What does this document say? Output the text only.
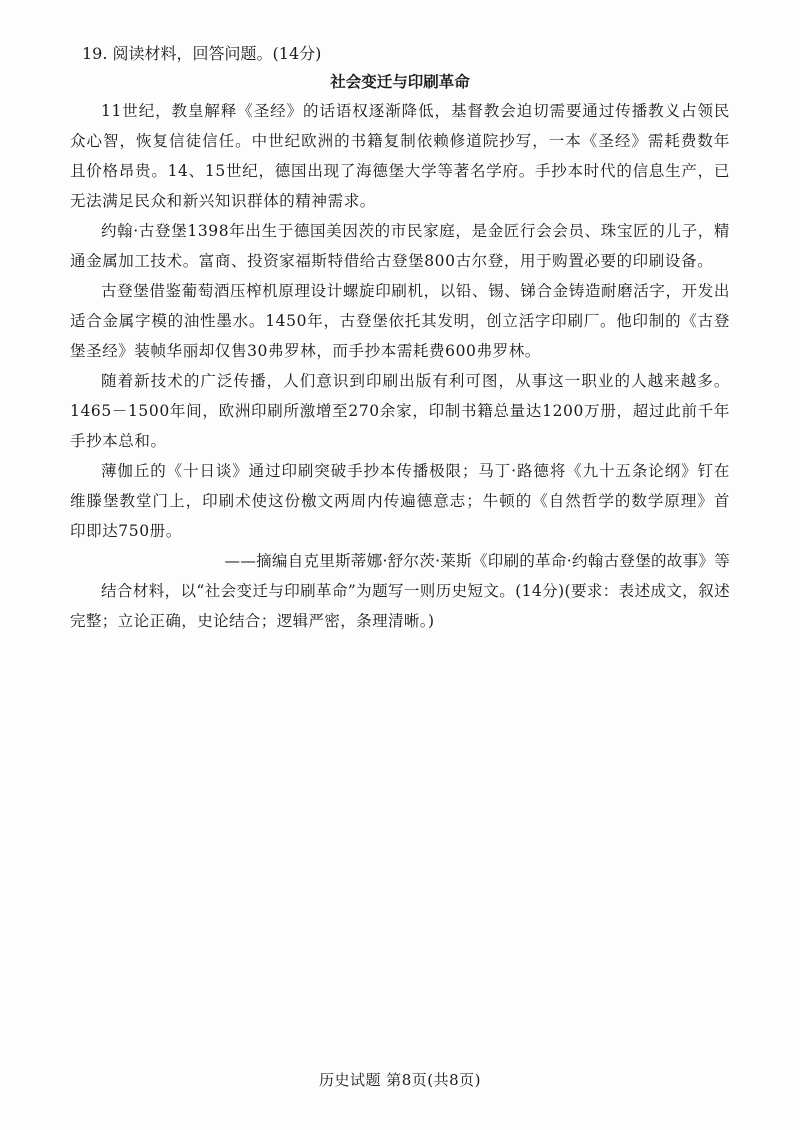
19. 阅读材料，回答问题。(14分)
社会变迁与印刷革命

11世纪，教皇解释《圣经》的话语权逐渐降低，基督教会迫切需要通过传播教义占领民众心智，恢复信徒信任。中世纪欧洲的书籍复制依赖修道院抄写，一本《圣经》需耗费数年且价格昂贵。14、15世纪，德国出现了海德堡大学等著名学府。手抄本时代的信息生产，已无法满足民众和新兴知识群体的精神需求。

约翰·古登堡1398年出生于德国美因茨的市民家庭，是金匠行会会员、珠宝匠的儿子，精通金属加工技术。富商、投资家福斯特借给古登堡800古尔登，用于购置必要的印刷设备。

古登堡借鉴葡萄酒压榨机原理设计螺旋印刷机，以铅、锡、锑合金铸造耐磨活字，开发出适合金属字模的油性墨水。1450年，古登堡依托其发明，创立活字印刷厂。他印制的《古登堡圣经》装帧华丽却仅售30弗罗林，而手抄本需耗费600弗罗林。

随着新技术的广泛传播，人们意识到印刷出版有利可图，从事这一职业的人越来越多。1465－1500年间，欧洲印刷所激增至270余家，印制书籍总量达1200万册，超过此前千年手抄本总和。

薄伽丘的《十日谈》通过印刷突破手抄本传播极限；马丁·路德将《九十五条论纲》钉在维滕堡教堂门上，印刷术使这份檄文两周内传遍德意志；牛顿的《自然哲学的数学原理》首印即达750册。

——摘编自克里斯蒂娜·舒尔茨·莱斯《印刷的革命·约翰古登堡的故事》等

结合材料，以“社会变迁与印刷革命”为题写一则历史短文。(14分)(要求：表述成文，叙述完整；立论正确，史论结合；逻辑严密，条理清晰。)

历史试题 第8页(共8页)
